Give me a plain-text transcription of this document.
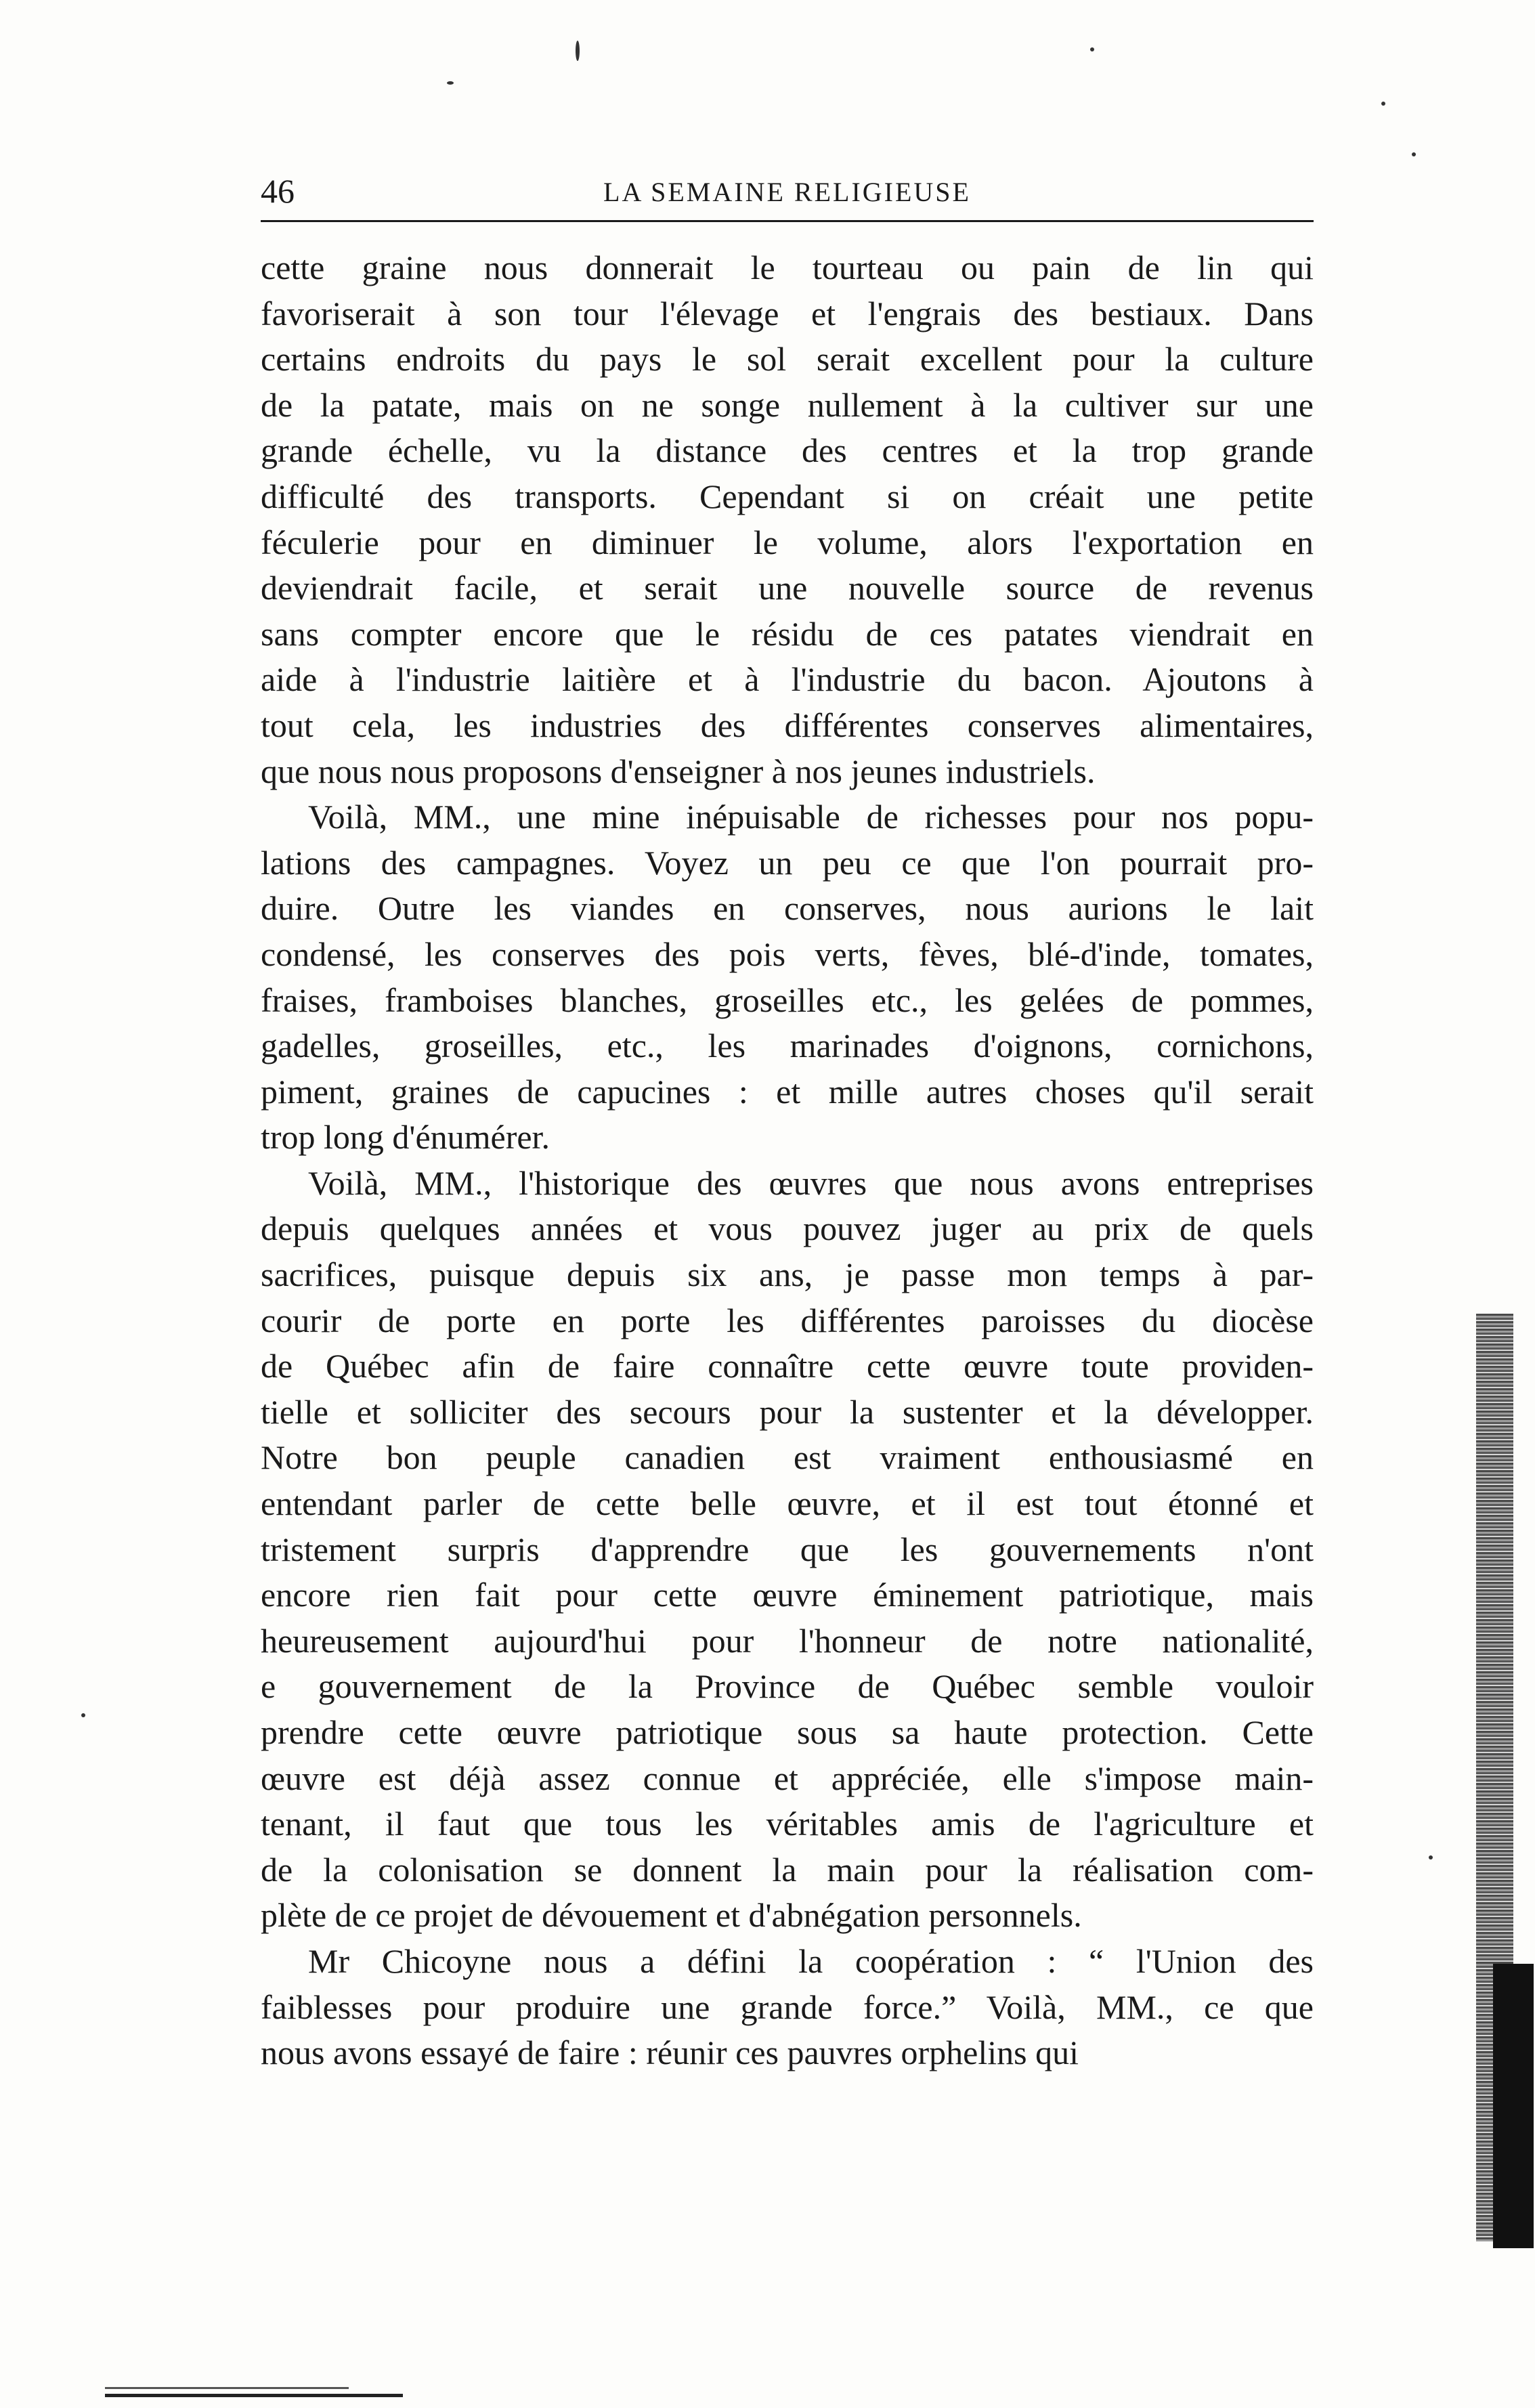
46	LA SEMAINE RELIGIEUSE
cette graine nous donnerait le tourteau ou pain de lin qui
favoriserait à son tour l'élevage et l'engrais des bestiaux. Dans
certains endroits du pays le sol serait excellent pour la culture
de la patate, mais on ne songe nullement à la cultiver sur une
grande échelle, vu la distance des centres et la trop grande
difficulté des transports. Cependant si on créait une petite
féculerie pour en diminuer le volume, alors l'exportation en
deviendrait facile, et serait une nouvelle source de revenus
sans compter encore que le résidu de ces patates viendrait en
aide à l'industrie laitière et à l'industrie du bacon. Ajoutons à
tout cela, les industries des différentes conserves alimentaires,
que nous nous proposons d'enseigner à nos jeunes industriels.
Voilà, MM., une mine inépuisable de richesses pour nos popu-
lations des campagnes. Voyez un peu ce que l'on pourrait pro-
duire. Outre les viandes en conserves, nous aurions le lait
condensé, les conserves des pois verts, fèves, blé-d'inde, tomates,
fraises, framboises blanches, groseilles etc., les gelées de pommes,
gadelles, groseilles, etc., les marinades d'oignons, cornichons,
piment, graines de capucines : et mille autres choses qu'il serait
trop long d'énumérer.
Voilà, MM., l'historique des œuvres que nous avons entreprises
depuis quelques années et vous pouvez juger au prix de quels
sacrifices, puisque depuis six ans, je passe mon temps à par-
courir de porte en porte les différentes paroisses du diocèse
de Québec afin de faire connaître cette œuvre toute providen-
tielle et solliciter des secours pour la sustenter et la développer.
Notre bon peuple canadien est vraiment enthousiasmé en
entendant parler de cette belle œuvre, et il est tout étonné et
tristement surpris d'apprendre que les gouvernements n'ont
encore rien fait pour cette œuvre éminement patriotique, mais
heureusement aujourd'hui pour l'honneur de notre nationalité,
e gouvernement de la Province de Québec semble vouloir
prendre cette œuvre patriotique sous sa haute protection. Cette
œuvre est déjà assez connue et appréciée, elle s'impose main-
tenant, il faut que tous les véritables amis de l'agriculture et
de la colonisation se donnent la main pour la réalisation com-
plète de ce projet de dévouement et d'abnégation personnels.
Mr Chicoyne nous a défini la coopération : “ l'Union des
faiblesses pour produire une grande force.” Voilà, MM., ce que
nous avons essayé de faire : réunir ces pauvres orphelins qui
